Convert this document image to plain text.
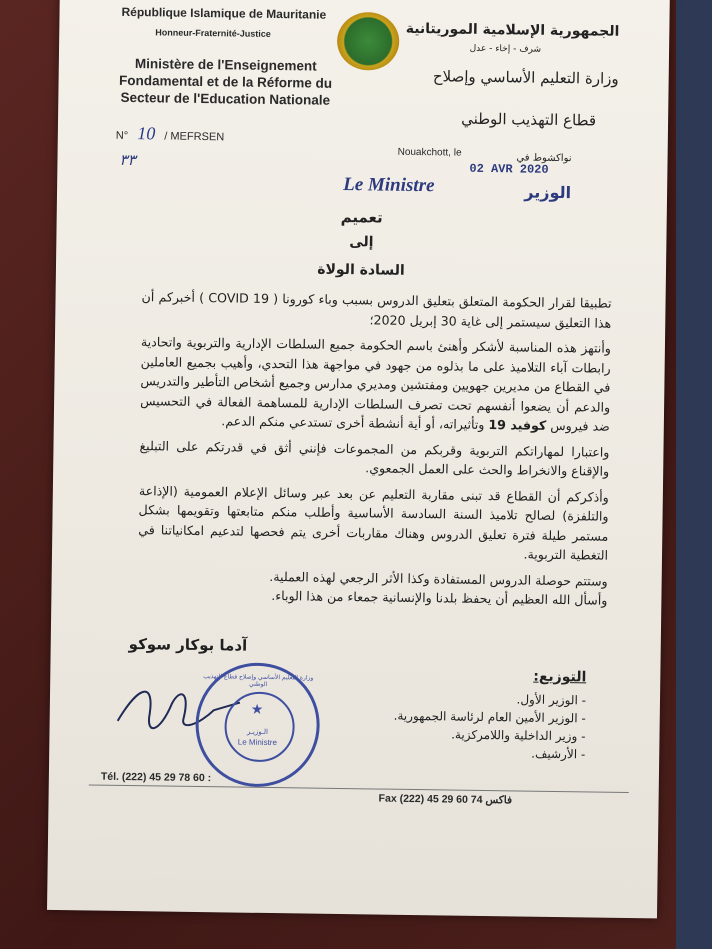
République Islamique de Mauritanie
Honneur-Fraternité-Justice
Ministère de l'Enseignement Fondamental et de la Réforme du Secteur de l'Education Nationale
N° 10 / MEFRSEN
الجمهورية الإسلامية الموريتانية
شرف - إخاء - عدل
وزارة التعليم الأساسي وإصلاح
قطاع التهذيب الوطني
٣٣	Nouakchott, le
02 AVR 2020
نواكشوط في
Le Ministre	الوزير
تعميم
إلى
السادة الولاة

تطبيقا لقرار الحكومة المتعلق بتعليق الدروس بسبب وباء كورونا ( COVID 19 ) أخبركم أن هذا التعليق سيستمر إلى غاية 30 إبريل 2020؛

وأنتهز هذه المناسبة لأشكر وأهنئ باسم الحكومة جميع السلطات الإدارية والتربوية واتحادية رابطات آباء التلاميذ على ما بذلوه من جهود في مواجهة هذا التحدي، وأهيب بجميع العاملين في القطاع من مديرين جهويين ومفتشين ومديري مدارس وجميع أشخاص التأطير والتدريس والدعم أن يضعوا أنفسهم تحت تصرف السلطات الإدارية للمساهمة الفعالة في التحسيس ضد فيروس كوفيد 19 وتأثيراته، أو أية أنشطة أخرى تستدعي منكم الدعم.

واعتبارا لمهاراتكم التربوية وقربكم من المجموعات فإنني أثق في قدرتكم على التبليغ والإقناع والانخراط والحث على العمل الجمعوي.

وأذكركم أن القطاع قد تبنى مقاربة التعليم عن بعد عبر وسائل الإعلام العمومية (الإذاعة والتلفزة) لصالح تلاميذ السنة السادسة الأساسية وأطلب منكم متابعتها وتقويمها بشكل مستمر طيلة فترة تعليق الدروس وهناك مقاربات أخرى يتم فحصها لتدعيم امكانياتنا في التغطية التربوية.

وستتم حوصلة الدروس المستفادة وكذا الأثر الرجعي لهذه العملية.

وأسأل الله العظيم أن يحفظ بلدنا والإنسانية جمعاء من هذا الوباء.

آدما بوكار سوكو
وزارة التعليم الأساسي وإصلاح قطاع التهذيب الوطني
★
الـوزيـر
Le Ministre
التوزيع:
- الوزير الأول.
- الوزير الأمين العام لرئاسة الجمهورية.
- وزير الداخلية واللامركزية.
- الأرشيف.
Tél. (222) 45 29 78 60 :
Fax (222) 45 29 60 74 فاكس
